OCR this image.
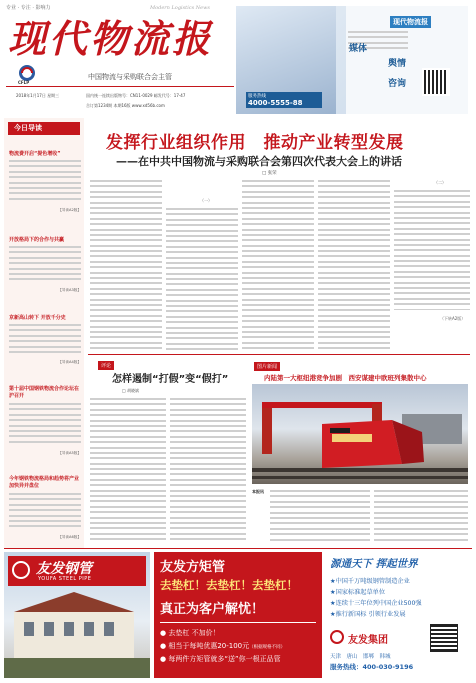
专业 · 专注 · 影响力	Modern Logistics News
现代物流报
CFLP
中国物流与采购联合会主管
2018年1月17日 星期三	国内统一连续出版物号：CN11-0029 邮发代号：17-47
合订第1234期 本期16版 www.xd56b.com
现代物流报
媒体
舆情
咨询
服务热线
4000-5555-88
今日导读
物流费开启“提色增收”
【导读A2版】
开放格局下的合作与共赢
【导读A3版】
京新高山转下 开放千分史
【导读A4版】
第十届中国钢铁物流合作论坛在沪召开
【导读A5版】
今年钢铁物流格局和趋势将产业加快异并盘位
【导读A6版】
发挥行业组织作用　推动产业转型发展
——在中共中国物流与采购联合会第四次代表大会上的讲话
□ 张荣
（一）
（二）
（下转A2版）
评论
怎样遏制“打假”变“假打”
□ 胡晓斌
图片新闻
内陆第一大枢纽港竞争加剧　西安谋建中欧班列集散中心
本报讯
友发钢管
YOUFA STEEL PIPE
友发方矩管
去垫杠！去垫杠！去垫杠！
真正为客户解忧！
● 去垫杠 不加价！
● 相当于每吨优惠20-100元（根据规格不同）
● 每两件方矩管就多“送”你一根正品管
源通天下 挥起世界
★中国千万吨级钢管制造企业
★国家标准起草单位
★连续十三年位列中国企业500强
★推行新国标 引领行业发展
友发集团
天津　唐山　邯郸　韩城
服务热线：400-030-9196
